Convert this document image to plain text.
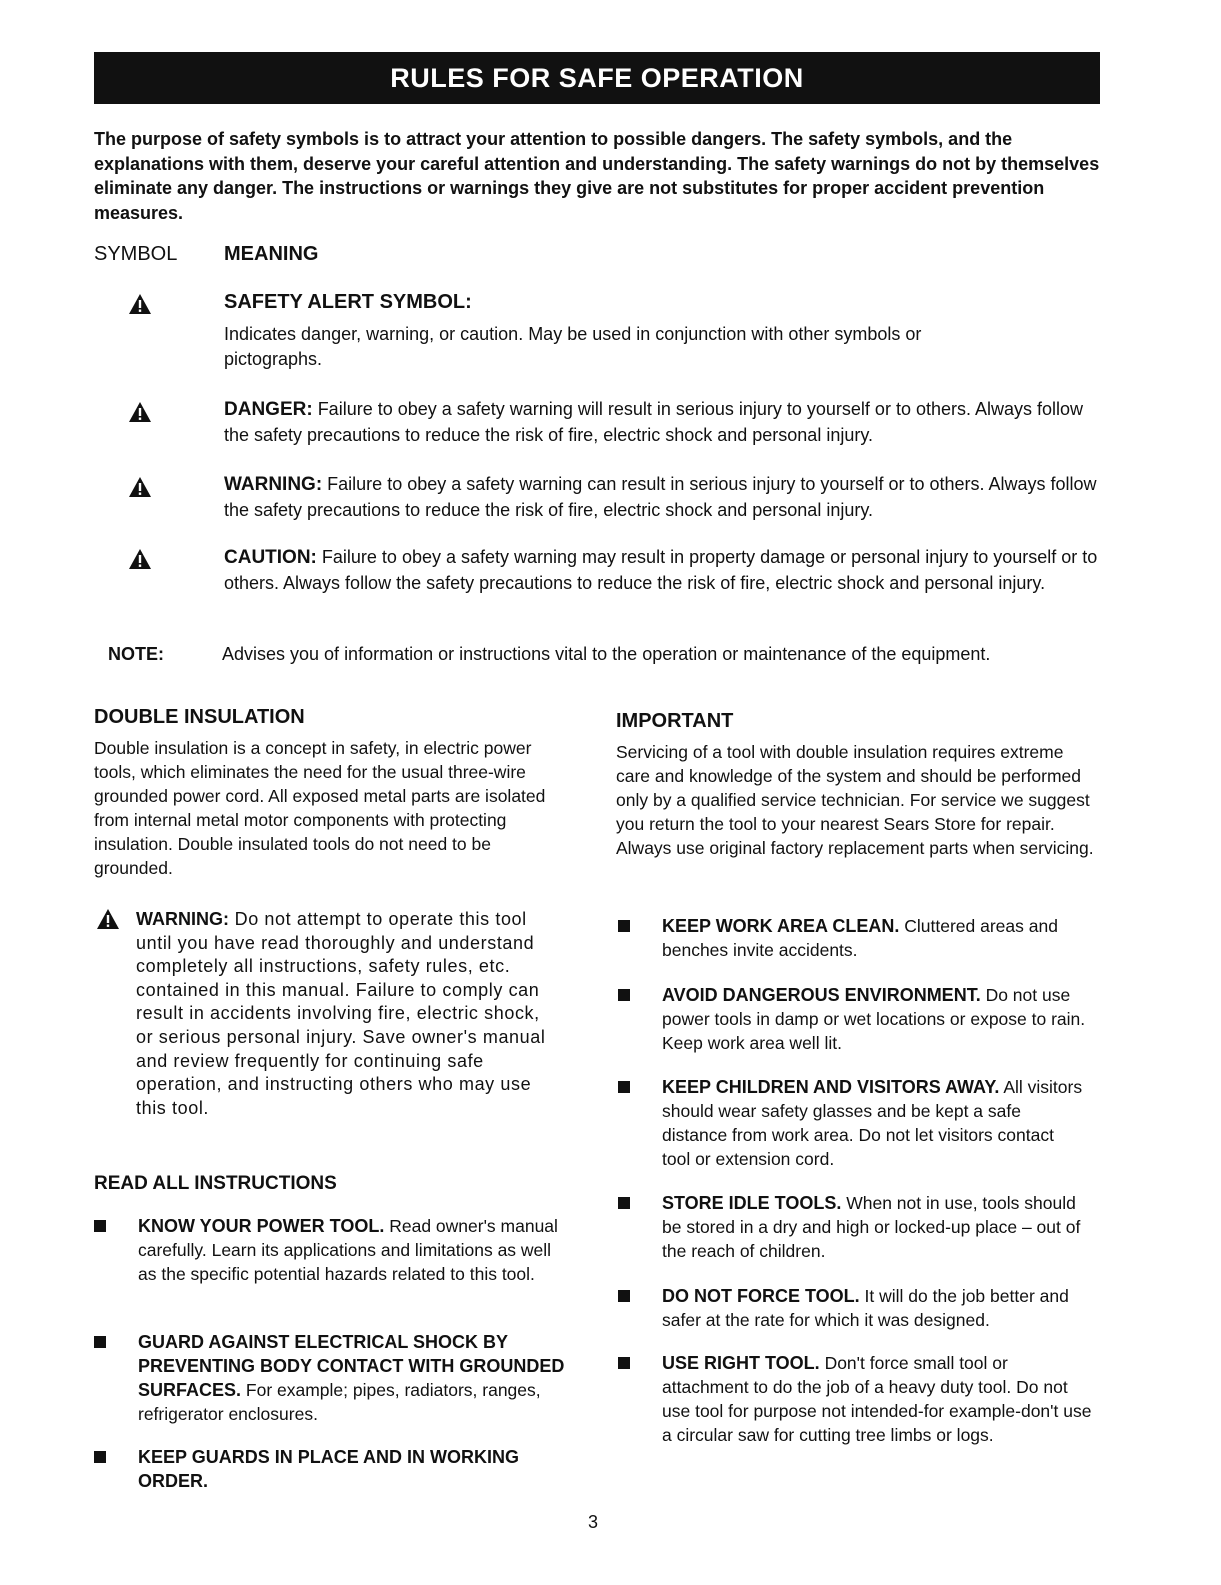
RULES FOR SAFE OPERATION
The purpose of safety symbols is to attract your attention to possible dangers. The safety symbols, and the explanations with them, deserve your careful attention and understanding. The safety warnings do not by themselves eliminate any danger. The instructions or warnings they give are not substitutes for proper accident prevention measures.
SYMBOL MEANING
SAFETY ALERT SYMBOL:
Indicates danger, warning, or caution. May be used in conjunction with other symbols or pictographs.
DANGER: Failure to obey a safety warning will result in serious injury to yourself or to others. Always follow the safety precautions to reduce the risk of fire, electric shock and personal injury.
WARNING: Failure to obey a safety warning can result in serious injury to yourself or to others. Always follow the safety precautions to reduce the risk of fire, electric shock and personal injury.
CAUTION: Failure to obey a safety warning may result in property damage or personal injury to yourself or to others. Always follow the safety precautions to reduce the risk of fire, electric shock and personal injury.
NOTE:	Advises you of information or instructions vital to the operation or maintenance of the equipment.
DOUBLE INSULATION
Double insulation is a concept in safety, in electric power tools, which eliminates the need for the usual three-wire grounded power cord. All exposed metal parts are isolated from internal metal motor components with protecting insulation. Double insulated tools do not need to be grounded.
IMPORTANT
Servicing of a tool with double insulation requires extreme care and knowledge of the system and should be performed only by a qualified service technician. For service we suggest you return the tool to your nearest Sears Store for repair. Always use original factory replacement parts when servicing.
WARNING: Do not attempt to operate this tool until you have read thoroughly and understand completely all instructions, safety rules, etc. contained in this manual. Failure to comply can result in accidents involving fire, electric shock, or serious personal injury. Save owner's manual and review frequently for continuing safe operation, and instructing others who may use this tool.
READ ALL INSTRUCTIONS
KNOW YOUR POWER TOOL. Read owner's manual carefully. Learn its applications and limitations as well as the specific potential hazards related to this tool.
GUARD AGAINST ELECTRICAL SHOCK BY PREVENTING BODY CONTACT WITH GROUNDED SURFACES. For example; pipes, radiators, ranges, refrigerator enclosures.
KEEP GUARDS IN PLACE AND IN WORKING ORDER.
KEEP WORK AREA CLEAN. Cluttered areas and benches invite accidents.
AVOID DANGEROUS ENVIRONMENT. Do not use power tools in damp or wet locations or expose to rain. Keep work area well lit.
KEEP CHILDREN AND VISITORS AWAY. All visitors should wear safety glasses and be kept a safe distance from work area. Do not let visitors contact tool or extension cord.
STORE IDLE TOOLS. When not in use, tools should be stored in a dry and high or locked-up place – out of the reach of children.
DO NOT FORCE TOOL. It will do the job better and safer at the rate for which it was designed.
USE RIGHT TOOL. Don't force small tool or attachment to do the job of a heavy duty tool. Do not use tool for purpose not intended-for example-don't use a circular saw for cutting tree limbs or logs.
3
